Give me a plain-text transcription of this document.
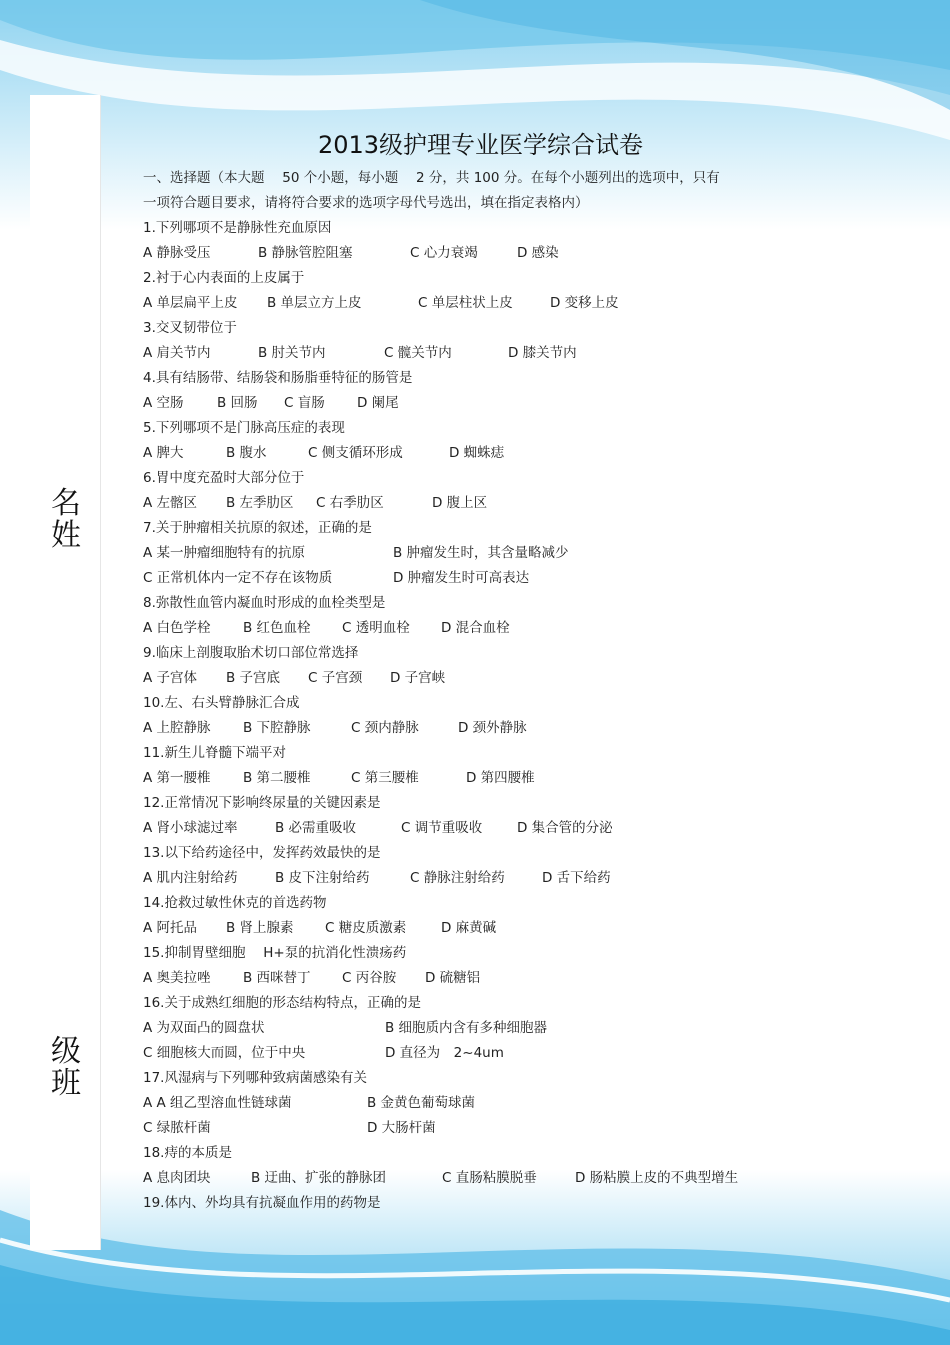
名姓
级班
2013级护理专业医学综合试卷
一、选择题（本大题　 50 个小题，每小题　 2 分，共 100 分。在每个小题列出的选项中，只有
一项符合题目要求，请将符合要求的选项字母代号选出，填在指定表格内）
1.下列哪项不是静脉性充血原因
A 静脉受压	B 静脉管腔阻塞	C 心力衰竭	D 感染
2.衬于心内表面的上皮属于
A 单层扁平上皮 B 单层立方上皮	C 单层柱状上皮	D 变移上皮
3.交叉韧带位于
A 肩关节内	B 肘关节内	C 髋关节内	D 膝关节内
4.具有结肠带、结肠袋和肠脂垂特征的肠管是
A 空肠 B 回肠 C 盲肠 D 阑尾
5.下列哪项不是门脉高压症的表现
A 脾大	B 腹水	C 侧支循环形成	D 蜘蛛痣
6.胃中度充盈时大部分位于
A 左髂区 B 左季肋区 C 右季肋区	D 腹上区
7.关于肿瘤相关抗原的叙述，正确的是
A 某一肿瘤细胞特有的抗原	B 肿瘤发生时，其含量略减少
C 正常机体内一定不存在该物质	D 肿瘤发生时可高表达
8.弥散性血管内凝血时形成的血栓类型是
A 白色学栓 B 红色血栓 C 透明血栓 D 混合血栓
9.临床上剖腹取胎术切口部位常选择
A 子宫体 B 子宫底 C 子宫颈 D 子宫峡
10.左、右头臂静脉汇合成
A 上腔静脉 B 下腔静脉	C 颈内静脉	D 颈外静脉
11.新生儿脊髓下端平对
A 第一腰椎 B 第二腰椎	C 第三腰椎	D 第四腰椎
12.正常情况下影响终尿量的关键因素是
A 肾小球滤过率	B 必需重吸收	C 调节重吸收	D 集合管的分泌
13.以下给药途径中，发挥药效最快的是
A 肌内注射给药	B 皮下注射给药	C 静脉注射给药	D 舌下给药
14.抢救过敏性休克的首选药物
A 阿托品 B 肾上腺素 C 糖皮质激素	D 麻黄碱
15.抑制胃壁细胞　 H+泵的抗消化性溃疡药
A 奥美拉唑 B 西咪替丁 C 丙谷胺 D 硫糖铝
16.关于成熟红细胞的形态结构特点，正确的是
A 为双面凸的圆盘状	B 细胞质内含有多种细胞器
C 细胞核大而圆，位于中央	D 直径为　2~4um
17.风湿病与下列哪种致病菌感染有关
A A 组乙型溶血性链球菌	B 金黄色葡萄球菌
C 绿脓杆菌	D 大肠杆菌
18.痔的本质是
A 息肉团块	B 迂曲、扩张的静脉团	C 直肠粘膜脱垂	D 肠粘膜上皮的不典型增生
19.体内、外均具有抗凝血作用的药物是
